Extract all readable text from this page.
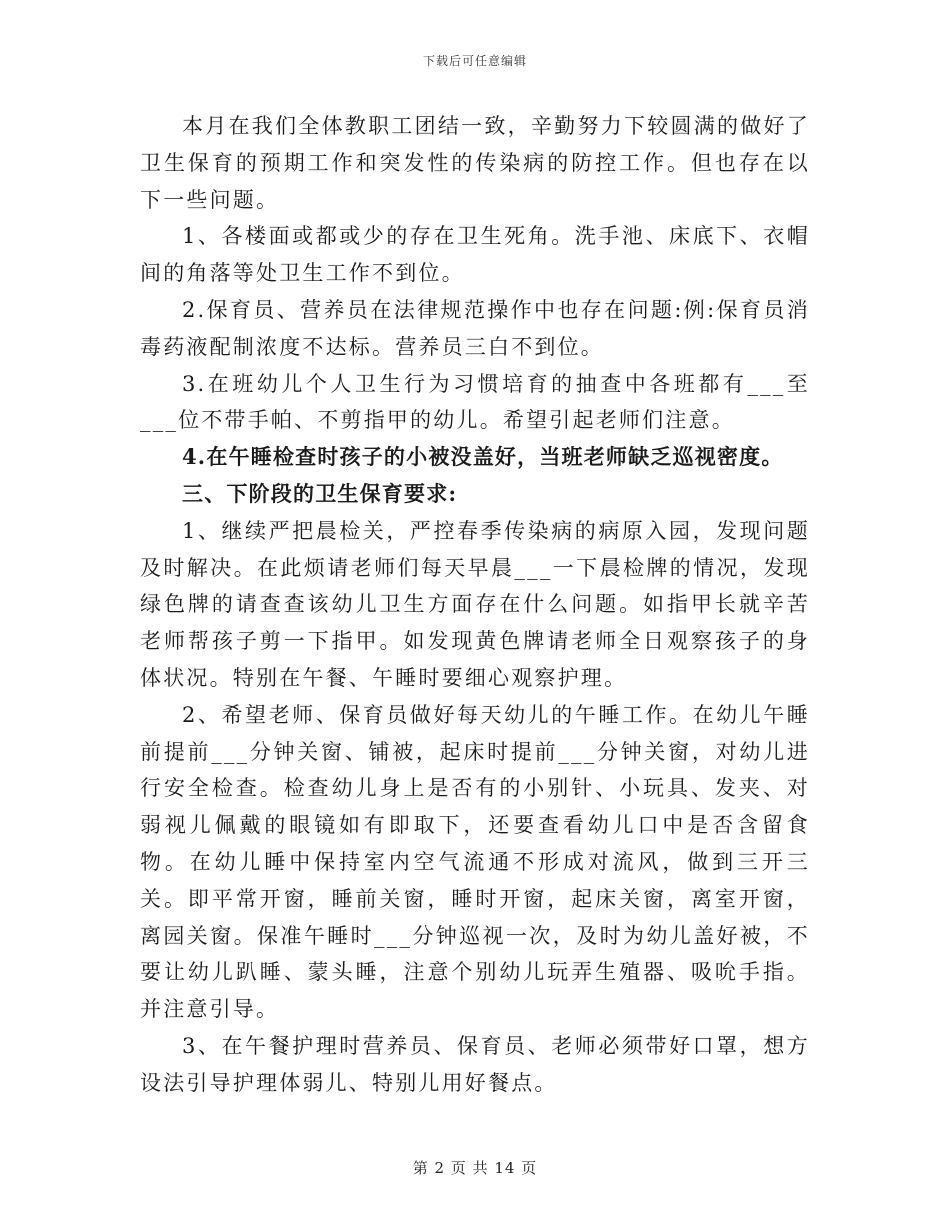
下载后可任意编辑

本月在我们全体教职工团结一致，辛勤努力下较圆满的做好了卫生保育的预期工作和突发性的传染病的防控工作。但也存在以下一些问题。

1、各楼面或都或少的存在卫生死角。洗手池、床底下、衣帽间的角落等处卫生工作不到位。

2.保育员、营养员在法律规范操作中也存在问题:例:保育员消毒药液配制浓度不达标。营养员三白不到位。

3.在班幼儿个人卫生行为习惯培育的抽查中各班都有___至___位不带手帕、不剪指甲的幼儿。希望引起老师们注意。

4.在午睡检查时孩子的小被没盖好，当班老师缺乏巡视密度。

三、下阶段的卫生保育要求:

1、继续严把晨检关，严控春季传染病的病原入园，发现问题及时解决。在此烦请老师们每天早晨___一下晨检牌的情况，发现绿色牌的请查查该幼儿卫生方面存在什么问题。如指甲长就辛苦老师帮孩子剪一下指甲。如发现黄色牌请老师全日观察孩子的身体状况。特别在午餐、午睡时要细心观察护理。

2、希望老师、保育员做好每天幼儿的午睡工作。在幼儿午睡前提前___分钟关窗、铺被，起床时提前___分钟关窗，对幼儿进行安全检查。检查幼儿身上是否有的小别针、小玩具、发夹、对弱视儿佩戴的眼镜如有即取下，还要查看幼儿口中是否含留食物。在幼儿睡中保持室内空气流通不形成对流风，做到三开三关。即平常开窗，睡前关窗，睡时开窗，起床关窗，离室开窗，离园关窗。保准午睡时___分钟巡视一次，及时为幼儿盖好被，不要让幼儿趴睡、蒙头睡，注意个别幼儿玩弄生殖器、吸吮手指。并注意引导。

3、在午餐护理时营养员、保育员、老师必须带好口罩，想方设法引导护理体弱儿、特别儿用好餐点。

第 2 页 共 14 页
